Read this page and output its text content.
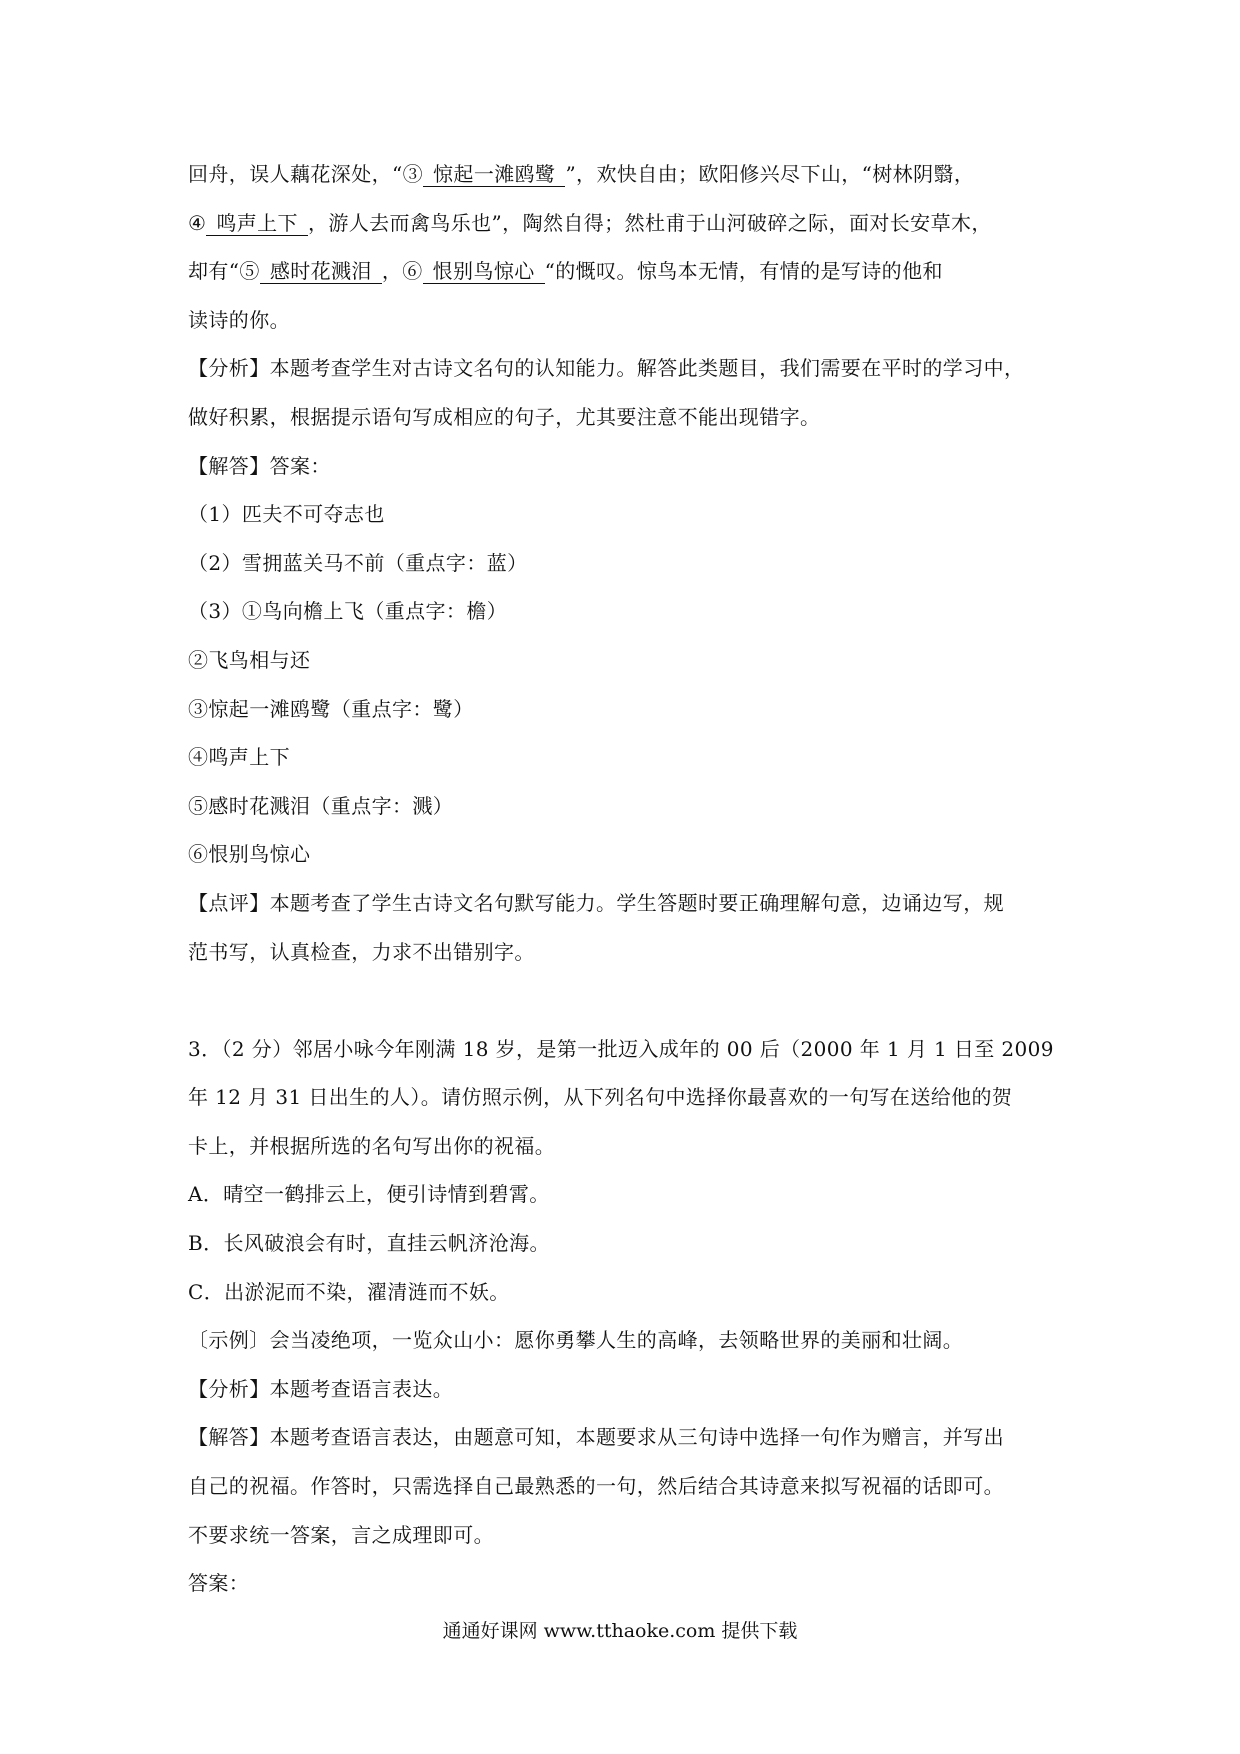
回舟，误人藕花深处，“③ 惊起一滩鸥鹭 ”，欢快自由；欧阳修兴尽下山，“树林阴翳，
④ 鸣声上下 ，游人去而禽鸟乐也”，陶然自得；然杜甫于山河破碎之际，面对长安草木，
却有“⑤ 感时花溅泪 ，⑥ 恨别鸟惊心 “的慨叹。惊鸟本无情，有情的是写诗的他和
读诗的你。
【分析】本题考查学生对古诗文名句的认知能力。解答此类题目，我们需要在平时的学习中，
做好积累，根据提示语句写成相应的句子，尤其要注意不能出现错字。
【解答】答案：
（1）匹夫不可夺志也
（2）雪拥蓝关马不前（重点字：蓝）
（3）①鸟向檐上飞（重点字：檐）
②飞鸟相与还
③惊起一滩鸥鹭（重点字：鹭）
④鸣声上下
⑤感时花溅泪（重点字：溅）
⑥恨别鸟惊心
【点评】本题考查了学生古诗文名句默写能力。学生答题时要正确理解句意，边诵边写，规
范书写，认真检查，力求不出错别字。
3．（2 分）邻居小咏今年刚满 18 岁，是第一批迈入成年的 00 后（2000 年 1 月 1 日至 2009
年 12 月 31 日出生的人）。请仿照示例，从下列名句中选择你最喜欢的一句写在送给他的贺
卡上，并根据所选的名句写出你的祝福。
A．晴空一鹤排云上，便引诗情到碧霄。
B．长风破浪会有时，直挂云帆济沧海。
C．出淤泥而不染，濯清涟而不妖。
〔示例〕会当凌绝项，一览众山小：愿你勇攀人生的高峰，去领略世界的美丽和壮阔。
【分析】本题考查语言表达。
【解答】本题考查语言表达，由题意可知，本题要求从三句诗中选择一句作为赠言，并写出
自己的祝福。作答时，只需选择自己最熟悉的一句，然后结合其诗意来拟写祝福的话即可。
不要求统一答案，言之成理即可。
答案：
通通好课网 www.tthaoke.com 提供下载
